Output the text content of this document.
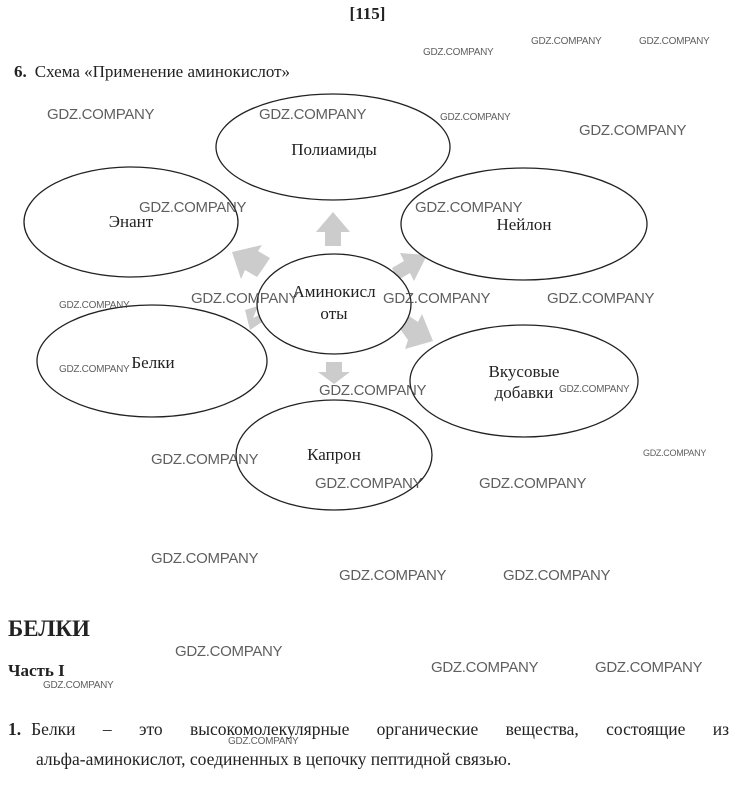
[115]
6. Схема «Применение аминокислот»
Полиамиды
Энант	Нейлон
Аминокисл
оты
Белки	Вкусовые
добавки
Капрон
БЕЛКИ
Часть I
1. Белки – это высокомолекулярные органические вещества, состоящие из
альфа-аминокислот, соединенных в цепочку пептидной связью.
GDZ.COMPANY
GDZ.COMPANY	GDZ.COMPANY
GDZ.COMPANY	GDZ.COMPANY	GDZ.COMPANY
GDZ.COMPANY
GDZ.COMPANY	GDZ.COMPANY
GDZ.COMPANY	GDZ.COMPANY	GDZ.COMPANY	GDZ.COMPANY
GDZ.COMPANY
GDZ.COMPANY	GDZ.COMPANY
GDZ.COMPANY
GDZ.COMPANY
GDZ.COMPANY	GDZ.COMPANY
GDZ.COMPANY
GDZ.COMPANY	GDZ.COMPANY
GDZ.COMPANY
GDZ.COMPANY	GDZ.COMPANY
GDZ.COMPANY
GDZ.COMPANY
